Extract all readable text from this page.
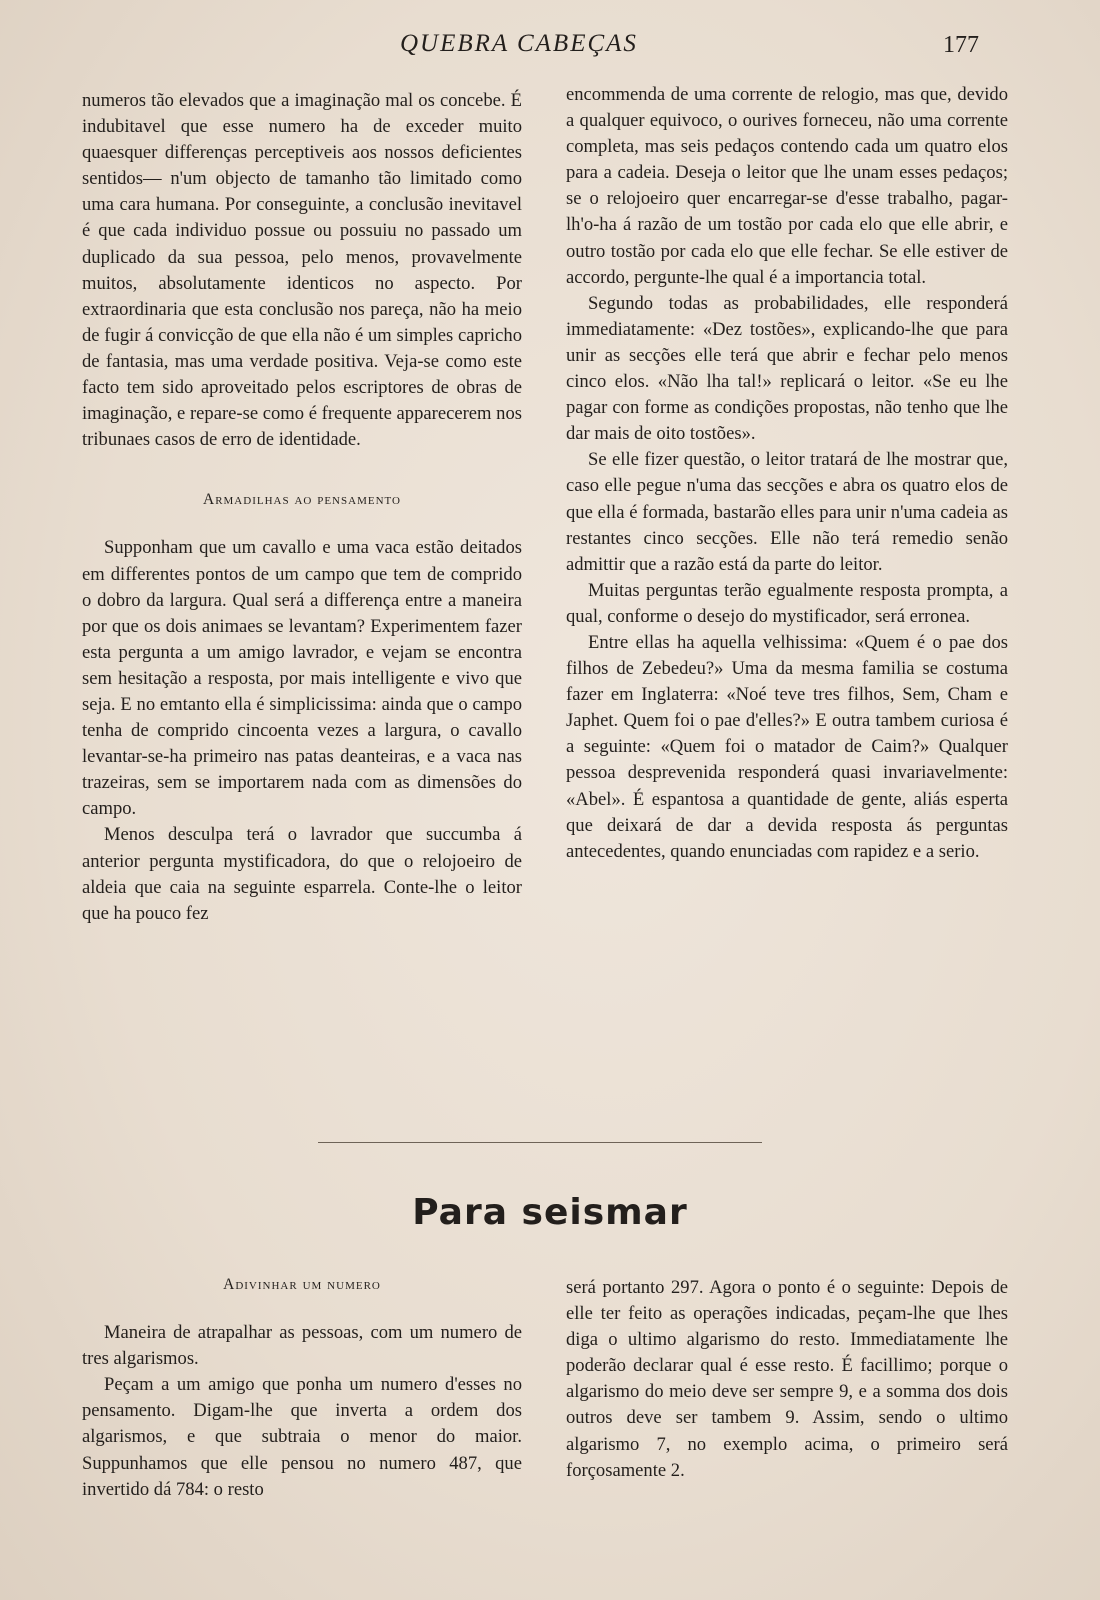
QUEBRA CABEÇAS	177

numeros tão elevados que a imaginação mal os concebe. É indubitavel que esse numero ha de exceder muito quaesquer differenças perceptiveis aos nossos deficientes sentidos— n'um objecto de tamanho tão limitado como uma cara humana. Por conseguinte, a conclusão inevitavel é que cada individuo possue ou possuiu no passado um duplicado da sua pessoa, pelo menos, provavelmente muitos, absolutamente identicos no aspecto. Por extraordinaria que esta conclusão nos pareça, não ha meio de fugir á convicção de que ella não é um simples capricho de fantasia, mas uma verdade positiva. Veja-se como este facto tem sido aproveitado pelos escriptores de obras de imaginação, e repare-se como é frequente apparecerem nos tribunaes casos de erro de identidade.

Armadilhas ao pensamento

Supponham que um cavallo e uma vaca estão deitados em differentes pontos de um campo que tem de comprido o dobro da largura. Qual será a differença entre a maneira por que os dois animaes se levantam? Experimentem fazer esta pergunta a um amigo lavrador, e vejam se encontra sem hesitação a resposta, por mais intelligente e vivo que seja. E no emtanto ella é simplicissima: ainda que o campo tenha de comprido cincoenta vezes a largura, o cavallo levantar-se-ha primeiro nas patas deanteiras, e a vaca nas trazeiras, sem se importarem nada com as dimensões do campo.

Menos desculpa terá o lavrador que succumba á anterior pergunta mystificadora, do que o relojoeiro de aldeia que caia na seguinte esparrela. Conte-lhe o leitor que ha pouco fez

encommenda de uma corrente de relogio, mas que, devido a qualquer equivoco, o ourives forneceu, não uma corrente completa, mas seis pedaços contendo cada um quatro elos para a cadeia. Deseja o leitor que lhe unam esses pedaços; se o relojoeiro quer encarregar-se d'esse trabalho, pagar-lh'o-ha á razão de um tostão por cada elo que elle abrir, e outro tostão por cada elo que elle fechar. Se elle estiver de accordo, pergunte-lhe qual é a importancia total.

Segundo todas as probabilidades, elle responderá immediatamente: «Dez tostões», explicando-lhe que para unir as secções elle terá que abrir e fechar pelo menos cinco elos. «Não lha tal!» replicará o leitor. «Se eu lhe pagar con forme as condições propostas, não tenho que lhe dar mais de oito tostões».

Se elle fizer questão, o leitor tratará de lhe mostrar que, caso elle pegue n'uma das secções e abra os quatro elos de que ella é formada, bastarão elles para unir n'uma cadeia as restantes cinco secções. Elle não terá remedio senão admittir que a razão está da parte do leitor.

Muitas perguntas terão egualmente resposta prompta, a qual, conforme o desejo do mystificador, será erronea.

Entre ellas ha aquella velhissima: «Quem é o pae dos filhos de Zebedeu?» Uma da mesma familia se costuma fazer em Inglaterra: «Noé teve tres filhos, Sem, Cham e Japhet. Quem foi o pae d'elles?» E outra tambem curiosa é a seguinte: «Quem foi o matador de Caim?» Qualquer pessoa desprevenida responderá quasi invariavelmente: «Abel». É espantosa a quantidade de gente, aliás esperta que deixará de dar a devida resposta ás perguntas antecedentes, quando enunciadas com rapidez e a serio.

Para seismar
Adivinhar um numero

Maneira de atrapalhar as pessoas, com um numero de tres algarismos.

Peçam a um amigo que ponha um numero d'esses no pensamento. Digam-lhe que inverta a ordem dos algarismos, e que subtraia o menor do maior. Suppunhamos que elle pensou no numero 487, que invertido dá 784: o resto

será portanto 297. Agora o ponto é o seguinte: Depois de elle ter feito as operações indicadas, peçam-lhe que lhes diga o ultimo algarismo do resto. Immediatamente lhe poderão declarar qual é esse resto. É facillimo; porque o algarismo do meio deve ser sempre 9, e a somma dos dois outros deve ser tambem 9. Assim, sendo o ultimo algarismo 7, no exemplo acima, o primeiro será forçosamente 2.
